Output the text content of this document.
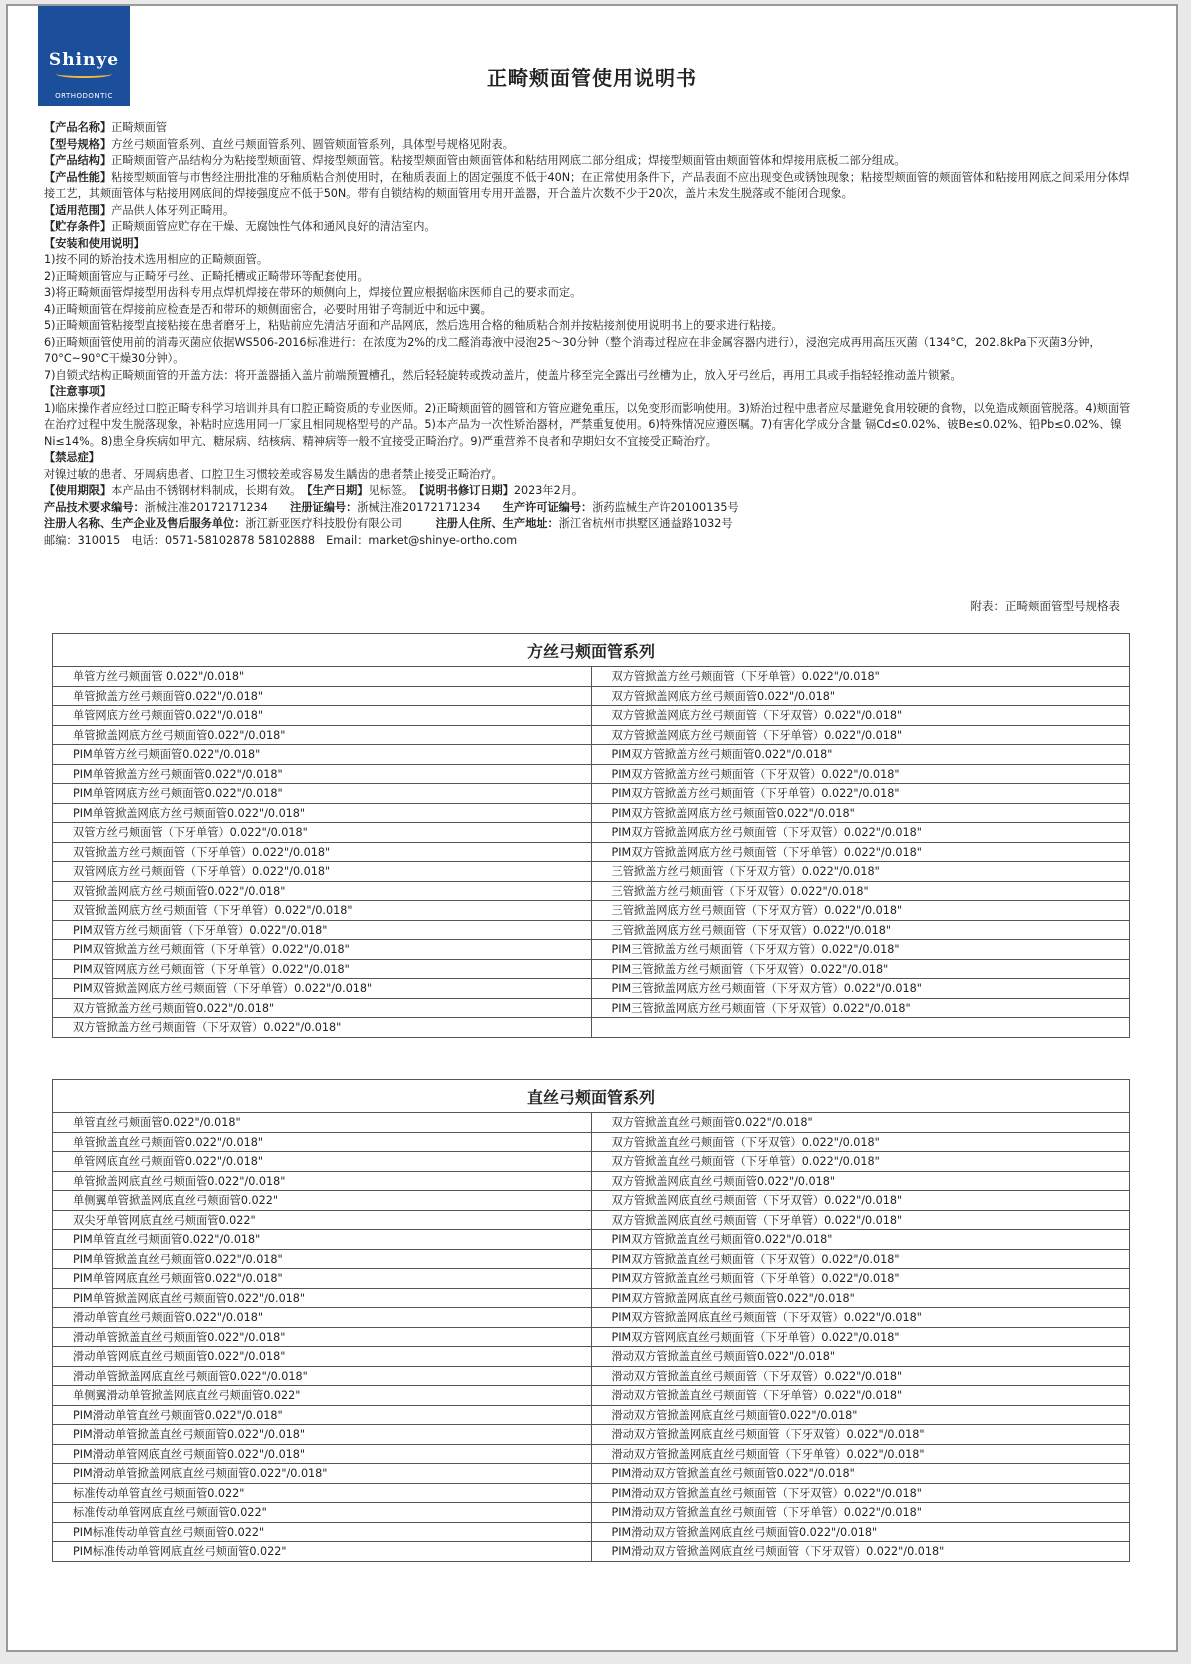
Shinye
ORTHODONTIC
正畸颊面管使用说明书

【产品名称】正畸颊面管

【型号规格】方丝弓颊面管系列、直丝弓颊面管系列、圆管颊面管系列，具体型号规格见附表。

【产品结构】正畸颊面管产品结构分为粘接型颊面管、焊接型颊面管。粘接型颊面管由颊面管体和粘结用网底二部分组成；焊接型颊面管由颊面管体和焊接用底板二部分组成。

【产品性能】粘接型颊面管与市售经注册批准的牙釉质粘合剂使用时，在釉质表面上的固定强度不低于40N；在正常使用条件下，产品表面不应出现变色或锈蚀现象；粘接型颊面管的颊面管体和粘接用网底之间采用分体焊接工艺，其颊面管体与粘接用网底间的焊接强度应不低于50N。带有自锁结构的颊面管用专用开盖器，开合盖片次数不少于20次，盖片未发生脱落或不能闭合现象。

【适用范围】产品供人体牙列正畸用。

【贮存条件】正畸颊面管应贮存在干燥、无腐蚀性气体和通风良好的清洁室内。

【安装和使用说明】

1)按不同的矫治技术选用相应的正畸颊面管。

2)正畸颊面管应与正畸牙弓丝、正畸托槽或正畸带环等配套使用。

3)将正畸颊面管焊接型用齿科专用点焊机焊接在带环的颊侧向上，焊接位置应根据临床医师自己的要求而定。

4)正畸颊面管在焊接前应检查是否和带环的颊侧面密合，必要时用钳子弯制近中和远中翼。

5)正畸颊面管粘接型直接粘接在患者磨牙上，粘贴前应先清洁牙面和产品网底，然后选用合格的釉质粘合剂并按粘接剂使用说明书上的要求进行粘接。

6)正畸颊面管使用前的消毒灭菌应依据WS506-2016标准进行：在浓度为2%的戊二醛消毒液中浸泡25～30分钟（整个消毒过程应在非金属容器内进行），浸泡完成再用高压灭菌（134°C，202.8kPa下灭菌3分钟，70°C~90°C干燥30分钟）。

7)自锁式结构正畸颊面管的开盖方法：将开盖器插入盖片前端预置槽孔，然后轻轻旋转或拨动盖片，使盖片移至完全露出弓丝槽为止，放入牙弓丝后，再用工具或手指轻轻推动盖片锁紧。

【注意事项】

1)临床操作者应经过口腔正畸专科学习培训并具有口腔正畸资质的专业医师。2)正畸颊面管的圆管和方管应避免重压，以免变形而影响使用。3)矫治过程中患者应尽量避免食用较硬的食物，以免造成颊面管脱落。4)颊面管在治疗过程中发生脱落现象，补粘时应选用同一厂家且相同规格型号的产品。5)本产品为一次性矫治器材，严禁重复使用。6)特殊情况应遵医嘱。7)有害化学成分含量 镉Cd≤0.02%、铍Be≤0.02%、铅Pb≤0.02%、镍Ni≤14%。8)患全身疾病如甲亢、糖尿病、结核病、精神病等一般不宜接受正畸治疗。9)严重营养不良者和孕期妇女不宜接受正畸治疗。

【禁忌症】

对镍过敏的患者、牙周病患者、口腔卫生习惯较差或容易发生龋齿的患者禁止接受正畸治疗。

【使用期限】本产品由不锈钢材料制成，长期有效。　 【生产日期】见标签。　 【说明书修订日期】2023年2月。

产品技术要求编号：浙械注准20172171234　　 注册证编号：浙械注准20172171234　　 生产许可证编号：浙药监械生产许20100135号

注册人名称、生产企业及售后服务单位：浙江新亚医疗科技股份有限公司　　　	注册人住所、生产地址：浙江省杭州市拱墅区通益路1032号

邮编：310015　电话：0571-58102878 58102888　Email：market@shinye-ortho.com

附表：正畸颊面管型号规格表
方丝弓颊面管系列	
单管方丝弓颊面管 0.022"/0.018"	双方管掀盖方丝弓颊面管（下牙单管）0.022"/0.018"
单管掀盖方丝弓颊面管0.022"/0.018"	双方管掀盖网底方丝弓颊面管0.022"/0.018"
单管网底方丝弓颊面管0.022"/0.018"	双方管掀盖网底方丝弓颊面管（下牙双管）0.022"/0.018"
单管掀盖网底方丝弓颊面管0.022"/0.018"	双方管掀盖网底方丝弓颊面管（下牙单管）0.022"/0.018"
PIM单管方丝弓颊面管0.022"/0.018"	PIM双方管掀盖方丝弓颊面管0.022"/0.018"
PIM单管掀盖方丝弓颊面管0.022"/0.018"	PIM双方管掀盖方丝弓颊面管（下牙双管）0.022"/0.018"
PIM单管网底方丝弓颊面管0.022"/0.018"	PIM双方管掀盖方丝弓颊面管（下牙单管）0.022"/0.018"
PIM单管掀盖网底方丝弓颊面管0.022"/0.018"	PIM双方管掀盖网底方丝弓颊面管0.022"/0.018"
双管方丝弓颊面管（下牙单管）0.022"/0.018"	PIM双方管掀盖网底方丝弓颊面管（下牙双管）0.022"/0.018"
双管掀盖方丝弓颊面管（下牙单管）0.022"/0.018"	PIM双方管掀盖网底方丝弓颊面管（下牙单管）0.022"/0.018"
双管网底方丝弓颊面管（下牙单管）0.022"/0.018"	三管掀盖方丝弓颊面管（下牙双方管）0.022"/0.018"
双管掀盖网底方丝弓颊面管0.022"/0.018"	三管掀盖方丝弓颊面管（下牙双管）0.022"/0.018"
双管掀盖网底方丝弓颊面管（下牙单管）0.022"/0.018"	三管掀盖网底方丝弓颊面管（下牙双方管）0.022"/0.018"
PIM双管方丝弓颊面管（下牙单管）0.022"/0.018"	三管掀盖网底方丝弓颊面管（下牙双管）0.022"/0.018"
PIM双管掀盖方丝弓颊面管（下牙单管）0.022"/0.018"	PIM三管掀盖方丝弓颊面管（下牙双方管）0.022"/0.018"
PIM双管网底方丝弓颊面管（下牙单管）0.022"/0.018"	PIM三管掀盖方丝弓颊面管（下牙双管）0.022"/0.018"
PIM双管掀盖网底方丝弓颊面管（下牙单管）0.022"/0.018"	PIM三管掀盖网底方丝弓颊面管（下牙双方管）0.022"/0.018"
双方管掀盖方丝弓颊面管0.022"/0.018"	PIM三管掀盖网底方丝弓颊面管（下牙双管）0.022"/0.018"
双方管掀盖方丝弓颊面管（下牙双管）0.022"/0.018"	
直丝弓颊面管系列	
单管直丝弓颊面管0.022"/0.018"	双方管掀盖直丝弓颊面管0.022"/0.018"
单管掀盖直丝弓颊面管0.022"/0.018"	双方管掀盖直丝弓颊面管（下牙双管）0.022"/0.018"
单管网底直丝弓颊面管0.022"/0.018"	双方管掀盖直丝弓颊面管（下牙单管）0.022"/0.018"
单管掀盖网底直丝弓颊面管0.022"/0.018"	双方管掀盖网底直丝弓颊面管0.022"/0.018"
单侧翼单管掀盖网底直丝弓颊面管0.022"	双方管掀盖网底直丝弓颊面管（下牙双管）0.022"/0.018"
双尖牙单管网底直丝弓颊面管0.022"	双方管掀盖网底直丝弓颊面管（下牙单管）0.022"/0.018"
PIM单管直丝弓颊面管0.022"/0.018"	PIM双方管掀盖直丝弓颊面管0.022"/0.018"
PIM单管掀盖直丝弓颊面管0.022"/0.018"	PIM双方管掀盖直丝弓颊面管（下牙双管）0.022"/0.018"
PIM单管网底直丝弓颊面管0.022"/0.018"	PIM双方管掀盖直丝弓颊面管（下牙单管）0.022"/0.018"
PIM单管掀盖网底直丝弓颊面管0.022"/0.018"	PIM双方管掀盖网底直丝弓颊面管0.022"/0.018"
滑动单管直丝弓颊面管0.022"/0.018"	PIM双方管掀盖网底直丝弓颊面管（下牙双管）0.022"/0.018"
滑动单管掀盖直丝弓颊面管0.022"/0.018"	PIM双方管网底直丝弓颊面管（下牙单管）0.022"/0.018"
滑动单管网底直丝弓颊面管0.022"/0.018"	滑动双方管掀盖直丝弓颊面管0.022"/0.018"
滑动单管掀盖网底直丝弓颊面管0.022"/0.018"	滑动双方管掀盖直丝弓颊面管（下牙双管）0.022"/0.018"
单侧翼滑动单管掀盖网底直丝弓颊面管0.022"	滑动双方管掀盖直丝弓颊面管（下牙单管）0.022"/0.018"
PIM滑动单管直丝弓颊面管0.022"/0.018"	滑动双方管掀盖网底直丝弓颊面管0.022"/0.018"
PIM滑动单管掀盖直丝弓颊面管0.022"/0.018"	滑动双方管掀盖网底直丝弓颊面管（下牙双管）0.022"/0.018"
PIM滑动单管网底直丝弓颊面管0.022"/0.018"	滑动双方管掀盖网底直丝弓颊面管（下牙单管）0.022"/0.018"
PIM滑动单管掀盖网底直丝弓颊面管0.022"/0.018"	PIM滑动双方管掀盖直丝弓颊面管0.022"/0.018"
标准传动单管直丝弓颊面管0.022"	PIM滑动双方管掀盖直丝弓颊面管（下牙双管）0.022"/0.018"
标准传动单管网底直丝弓颊面管0.022"	PIM滑动双方管掀盖直丝弓颊面管（下牙单管）0.022"/0.018"
PIM标准传动单管直丝弓颊面管0.022"	PIM滑动双方管掀盖网底直丝弓颊面管0.022"/0.018"
PIM标准传动单管网底直丝弓颊面管0.022"	PIM滑动双方管掀盖网底直丝弓颊面管（下牙双管）0.022"/0.018"
